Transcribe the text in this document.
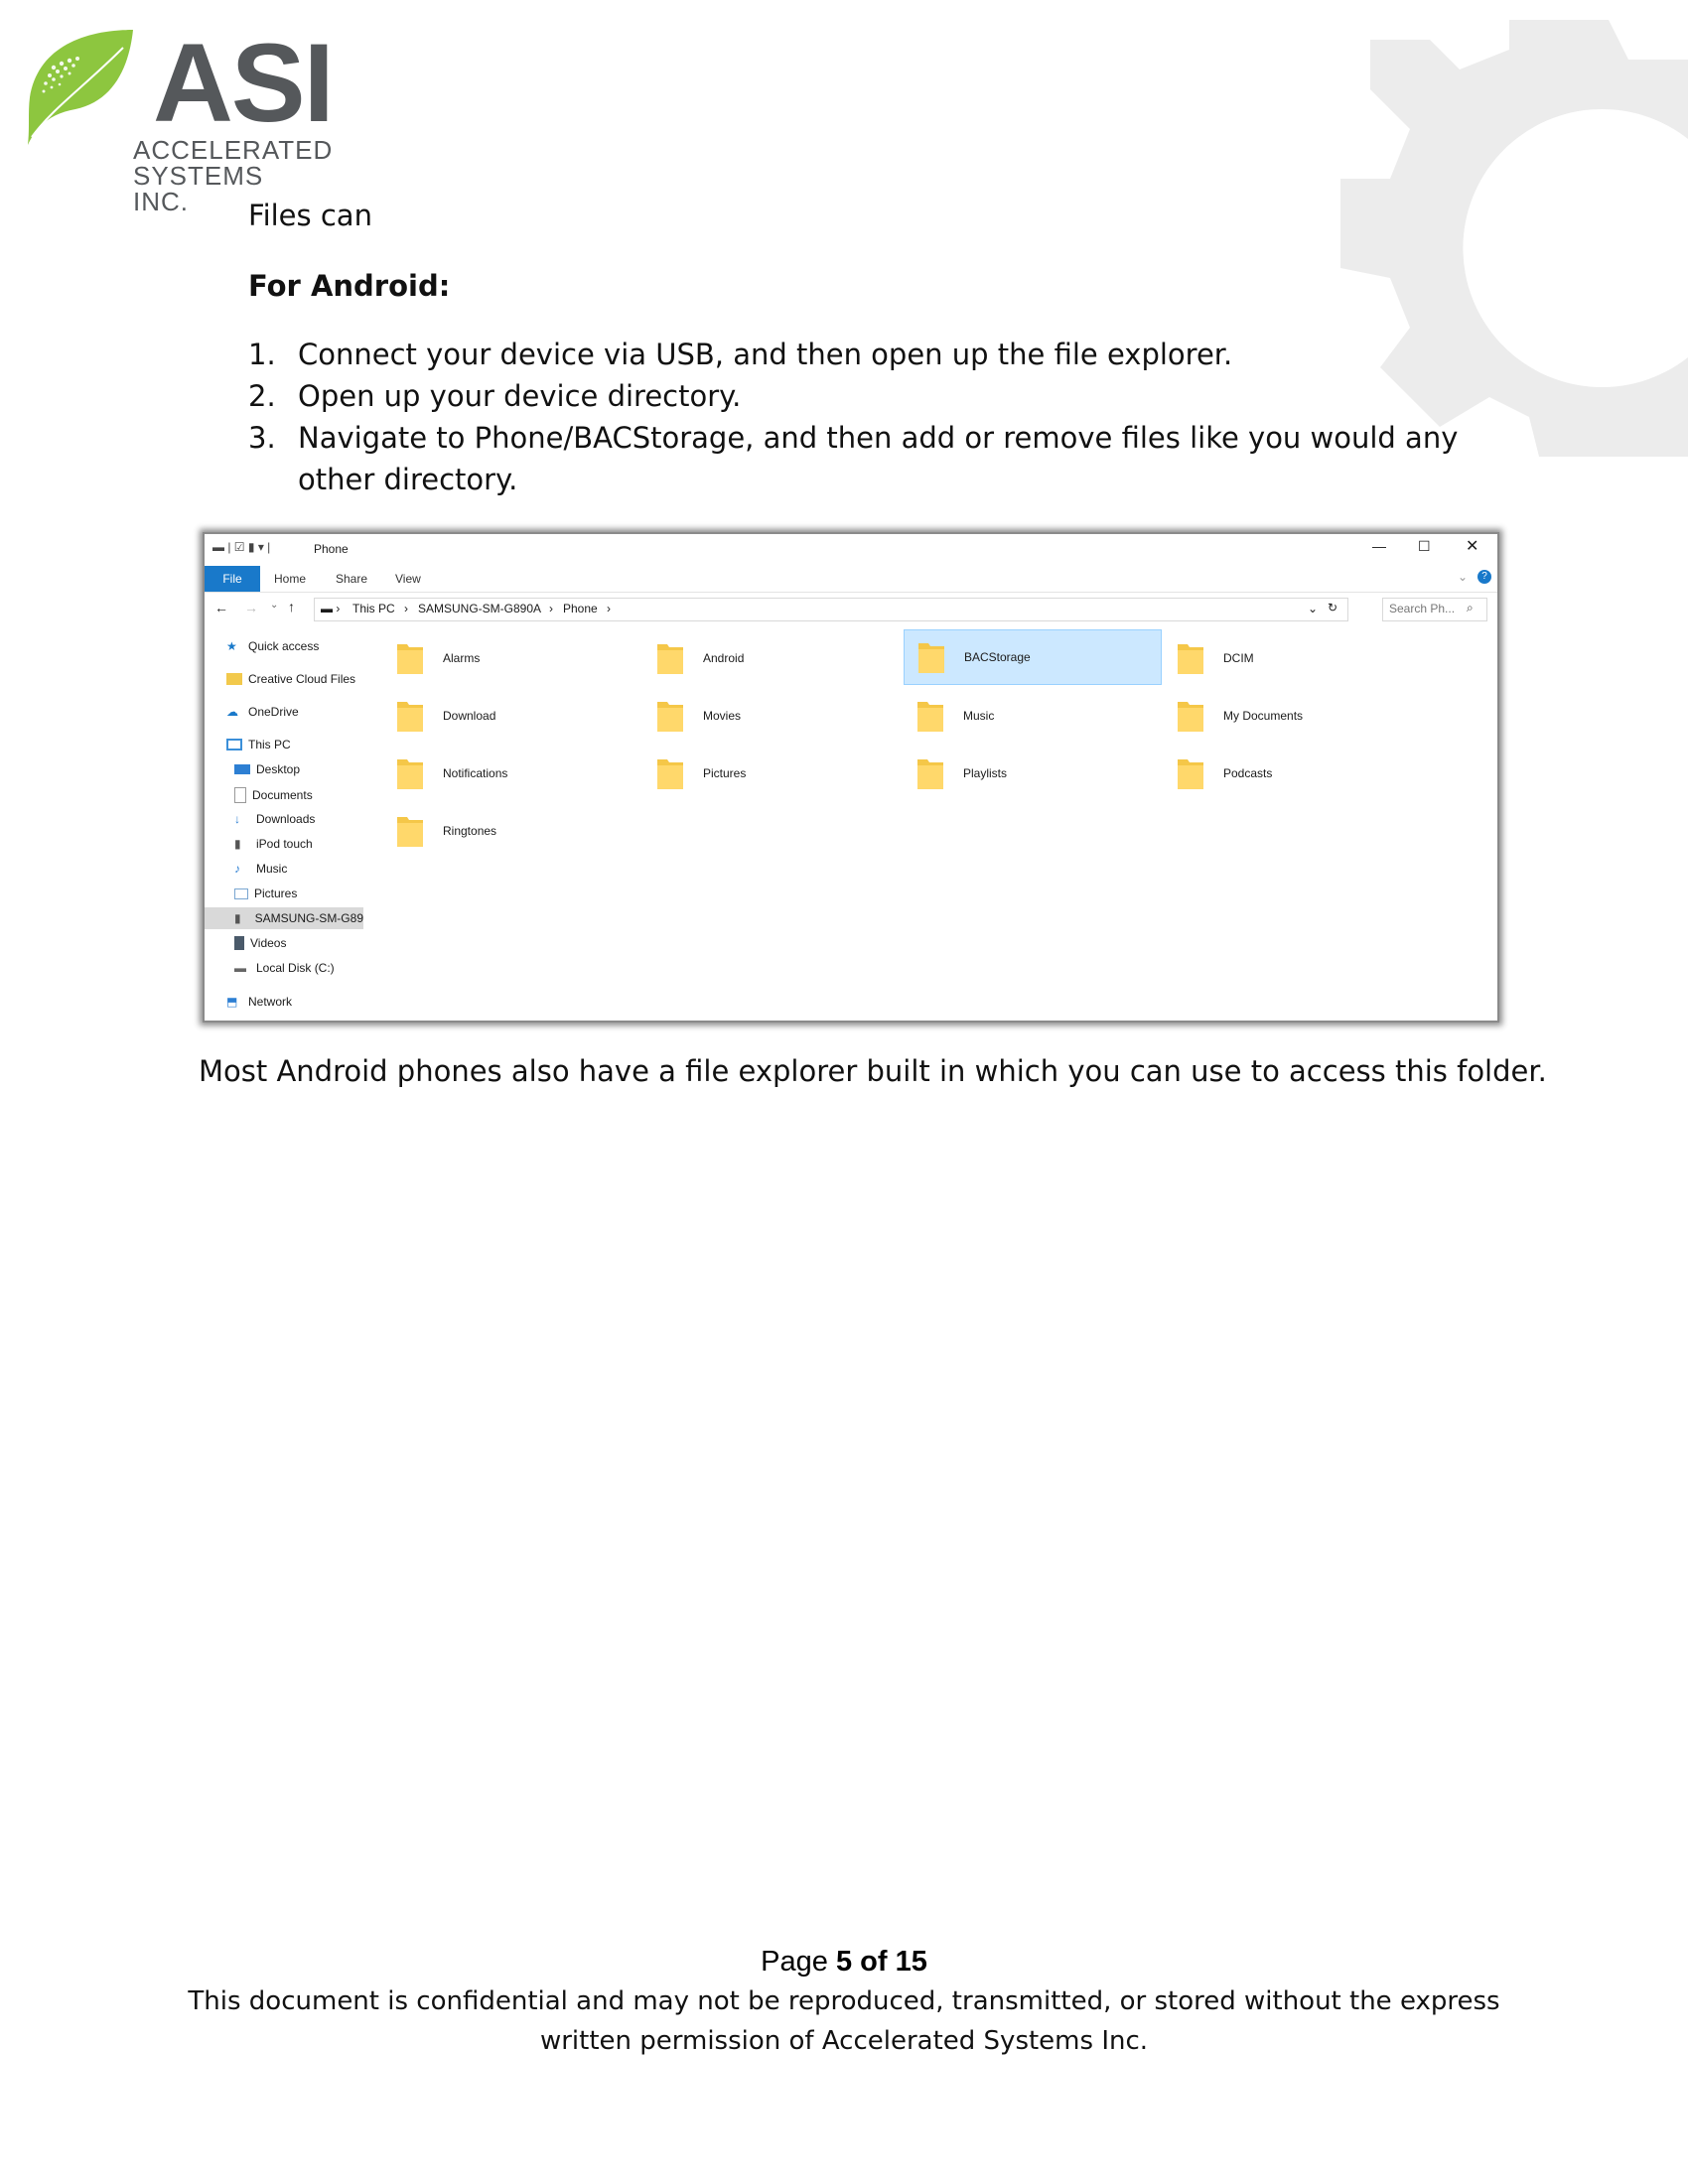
ASI
ACCELERATED
SYSTEMS INC.	Files can
For Android:
1. Connect your device via USB, and then open up the file explorer.
2. Open up your device directory.
3. Navigate to Phone/BACStorage, and then add or remove files like you would any other directory.
▬ | ☑ ▮ ▾ |	Phone	— ☐ ✕
File	Home Share View	⌄	?
← → ⌄ ↑ ▬ › This PC › SAMSUNG-SM-G890A › Phone ›	⌄ ↻	Search Ph... ⌕
★ Quick access
Creative Cloud Files
☁ OneDrive
This PC
Desktop
Documents
↓	Downloads
▮	iPod touch
♪	Music
Pictures
▮	SAMSUNG-SM-G89
Videos
▬ Local Disk (C:)
⬒ Network
Alarms	Android	BACStorage	DCIM
Download	Movies	Music	My Documents
Notifications	Pictures	Playlists	Podcasts
Ringtones
Most Android phones also have a file explorer built in which you can use to access this folder.
Page 5 of 15
This document is confidential and may not be reproduced, transmitted, or stored without the express
written permission of Accelerated Systems Inc.
